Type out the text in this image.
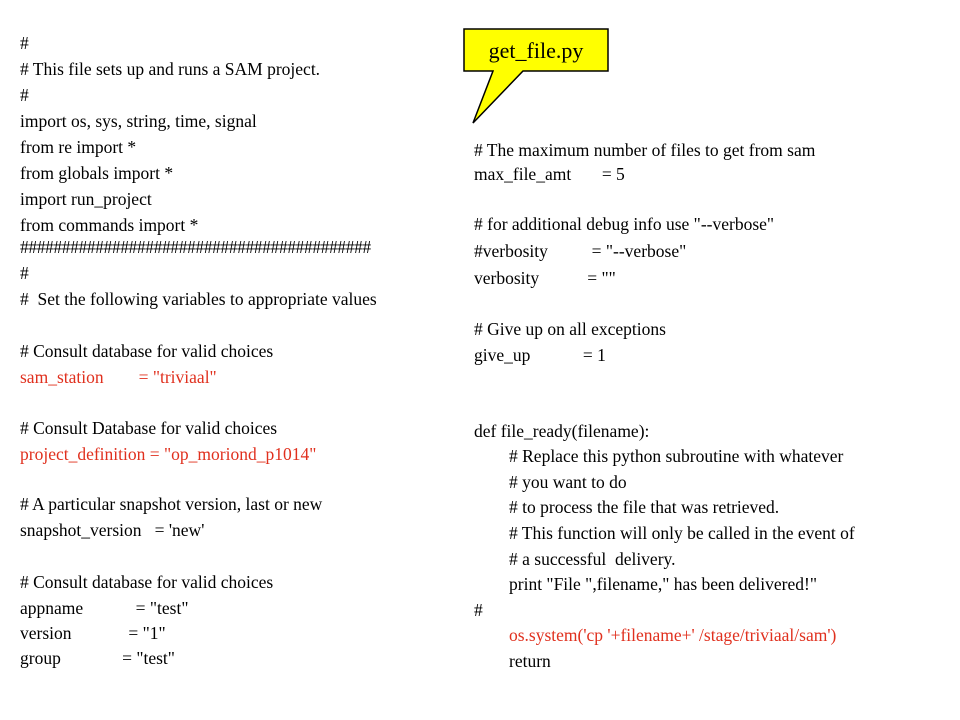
get_file.py
#
# This file sets up and runs a SAM project.
#
import os, sys, string, time, signal
from re import *
from globals import *
import run_project
from commands import *
##########################################
#
#  Set the following variables to appropriate values
# Consult database for valid choices
sam_station        = "triviaal"
# Consult Database for valid choices
project_definition = "op_moriond_p1014"
# A particular snapshot version, last or new
snapshot_version   = 'new'
# Consult database for valid choices
appname            = "test"
version             = "1"
group              = "test"
# The maximum number of files to get from sam
max_file_amt       = 5
# for additional debug info use "--verbose"
#verbosity          = "--verbose"
verbosity           = ""
# Give up on all exceptions
give_up            = 1
def file_ready(filename):
# Replace this python subroutine with whatever
# you want to do
# to process the file that was retrieved.
# This function will only be called in the event of
# a successful  delivery.
print "File ",filename," has been delivered!"
#
os.system('cp '+filename+' /stage/triviaal/sam')
return
